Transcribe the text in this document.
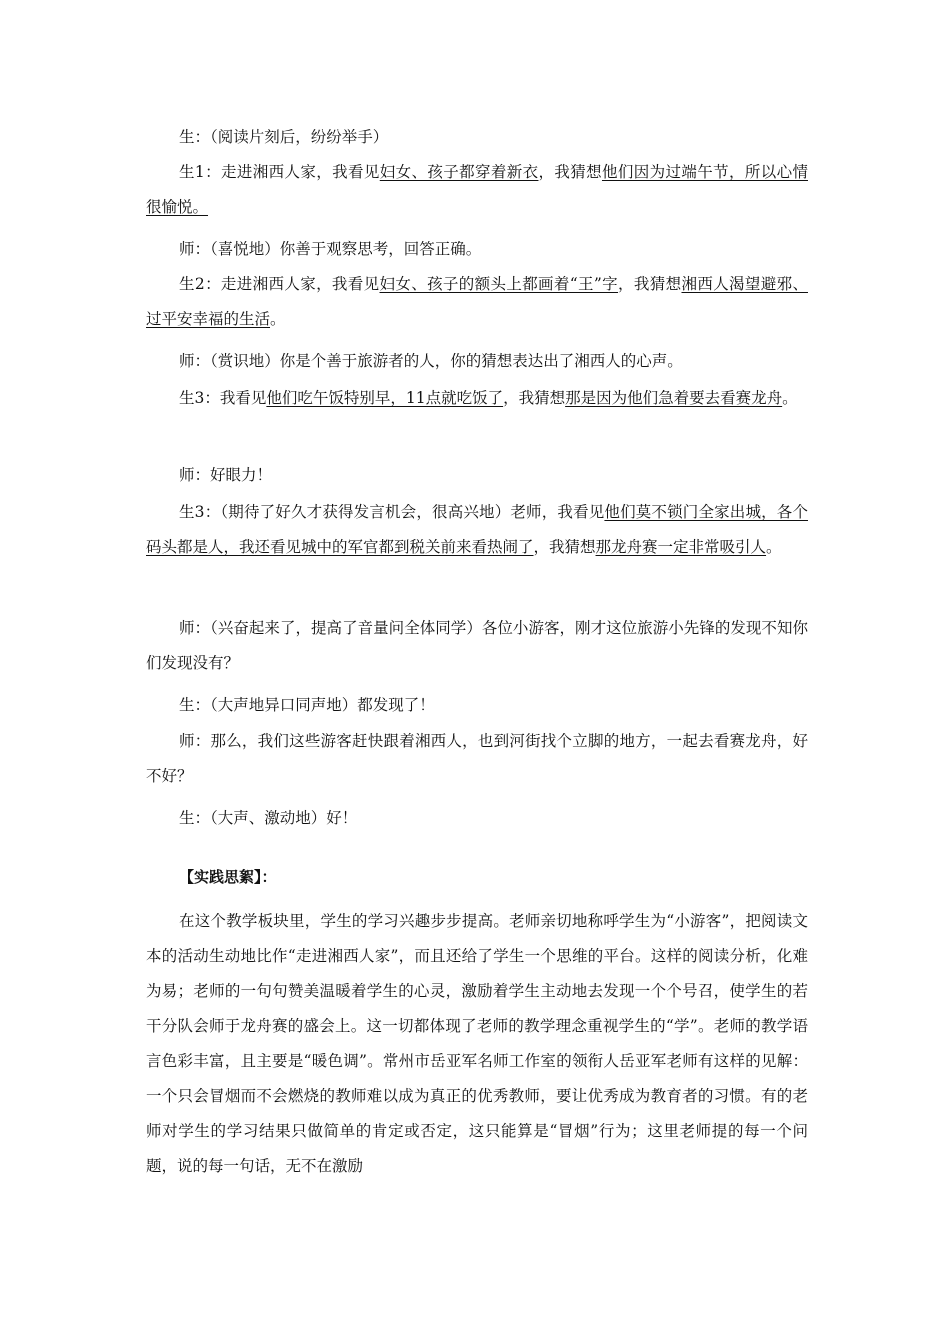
生：（阅读片刻后，纷纷举手）
生1：走进湘西人家，我看见妇女、孩子都穿着新衣，我猜想他们因为过端午节，所以心情很愉悦。
师：（喜悦地）你善于观察思考，回答正确。
生2：走进湘西人家，我看见妇女、孩子的额头上都画着“王”字，我猜想湘西人渴望避邪、过平安幸福的生活。
师：（赏识地）你是个善于旅游者的人，你的猜想表达出了湘西人的心声。
生3：我看见他们吃午饭特别早，11点就吃饭了，我猜想那是因为他们急着要去看赛龙舟。
师：好眼力！
生3：（期待了好久才获得发言机会，很高兴地）老师，我看见他们莫不锁门全家出城，各个码头都是人，我还看见城中的军官都到税关前来看热闹了，我猜想那龙舟赛一定非常吸引人。
师：（兴奋起来了，提高了音量问全体同学）各位小游客，刚才这位旅游小先锋的发现不知你们发现没有？
生：（大声地异口同声地）都发现了！
师：那么，我们这些游客赶快跟着湘西人，也到河街找个立脚的地方，一起去看赛龙舟，好不好？
生：（大声、激动地）好！
【实践思絮】：
在这个教学板块里，学生的学习兴趣步步提高。老师亲切地称呼学生为“小游客”，把阅读文本的活动生动地比作“走进湘西人家”，而且还给了学生一个思维的平台。这样的阅读分析，化难为易；老师的一句句赞美温暖着学生的心灵，激励着学生主动地去发现一个个号召，使学生的若干分队会师于龙舟赛的盛会上。这一切都体现了老师的教学理念重视学生的“学”。老师的教学语言色彩丰富，且主要是“暖色调”。常州市岳亚军名师工作室的领衔人岳亚军老师有这样的见解：一个只会冒烟而不会燃烧的教师难以成为真正的优秀教师，要让优秀成为教育者的习惯。有的老师对学生的学习结果只做简单的肯定或否定，这只能算是“冒烟”行为；这里老师提的每一个问题，说的每一句话，无不在激励
